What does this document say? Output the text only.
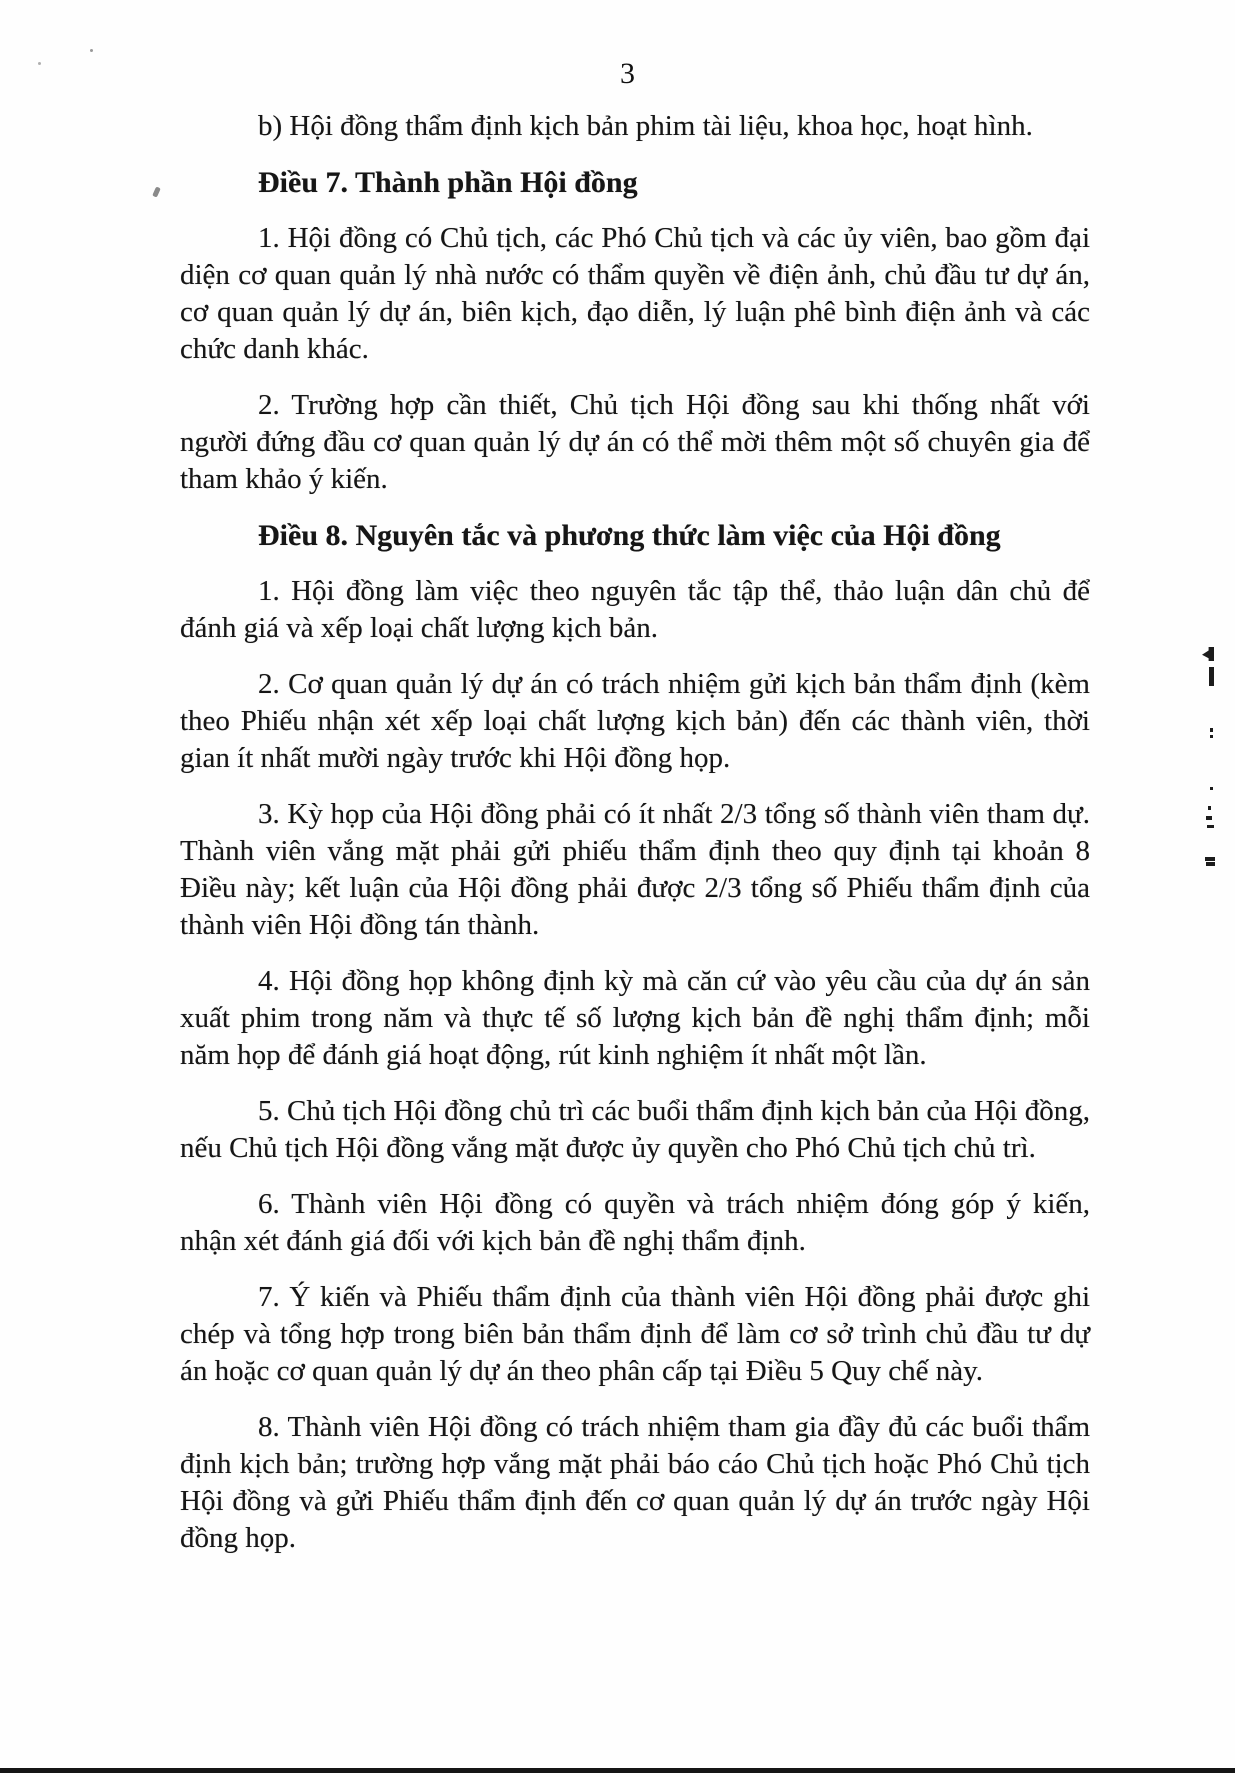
3
b) Hội đồng thẩm định kịch bản phim tài liệu, khoa học, hoạt hình.
Điều 7. Thành phần Hội đồng
1. Hội đồng có Chủ tịch, các Phó Chủ tịch và các ủy viên, bao gồm đại diện cơ quan quản lý nhà nước có thẩm quyền về điện ảnh, chủ đầu tư dự án, cơ quan quản lý dự án, biên kịch, đạo diễn, lý luận phê bình điện ảnh và các chức danh khác.
2. Trường hợp cần thiết, Chủ tịch Hội đồng sau khi thống nhất với người đứng đầu cơ quan quản lý dự án có thể mời thêm một số chuyên gia để tham khảo ý kiến.
Điều 8. Nguyên tắc và phương thức làm việc của Hội đồng
1. Hội đồng làm việc theo nguyên tắc tập thể, thảo luận dân chủ để đánh giá và xếp loại chất lượng kịch bản.
2. Cơ quan quản lý dự án có trách nhiệm gửi kịch bản thẩm định (kèm theo Phiếu nhận xét xếp loại chất lượng kịch bản) đến các thành viên, thời gian ít nhất mười ngày trước khi Hội đồng họp.
3. Kỳ họp của Hội đồng phải có ít nhất 2/3 tổng số thành viên tham dự. Thành viên vắng mặt phải gửi phiếu thẩm định theo quy định tại khoản 8 Điều này; kết luận của Hội đồng phải được 2/3 tổng số Phiếu thẩm định của thành viên Hội đồng tán thành.
4. Hội đồng họp không định kỳ mà căn cứ vào yêu cầu của dự án sản xuất phim trong năm và thực tế số lượng kịch bản đề nghị thẩm định; mỗi năm họp để đánh giá hoạt động, rút kinh nghiệm ít nhất một lần.
5. Chủ tịch Hội đồng chủ trì các buổi thẩm định kịch bản của Hội đồng, nếu Chủ tịch Hội đồng vắng mặt được ủy quyền cho Phó Chủ tịch chủ trì.
6. Thành viên Hội đồng có quyền và trách nhiệm đóng góp ý kiến, nhận xét đánh giá đối với kịch bản đề nghị thẩm định.
7. Ý kiến và Phiếu thẩm định của thành viên Hội đồng phải được ghi chép và tổng hợp trong biên bản thẩm định để làm cơ sở trình chủ đầu tư dự án hoặc cơ quan quản lý dự án theo phân cấp tại Điều 5 Quy chế này.
8. Thành viên Hội đồng có trách nhiệm tham gia đầy đủ các buổi thẩm định kịch bản; trường hợp vắng mặt phải báo cáo Chủ tịch hoặc Phó Chủ tịch Hội đồng và gửi Phiếu thẩm định đến cơ quan quản lý dự án trước ngày Hội đồng họp.
